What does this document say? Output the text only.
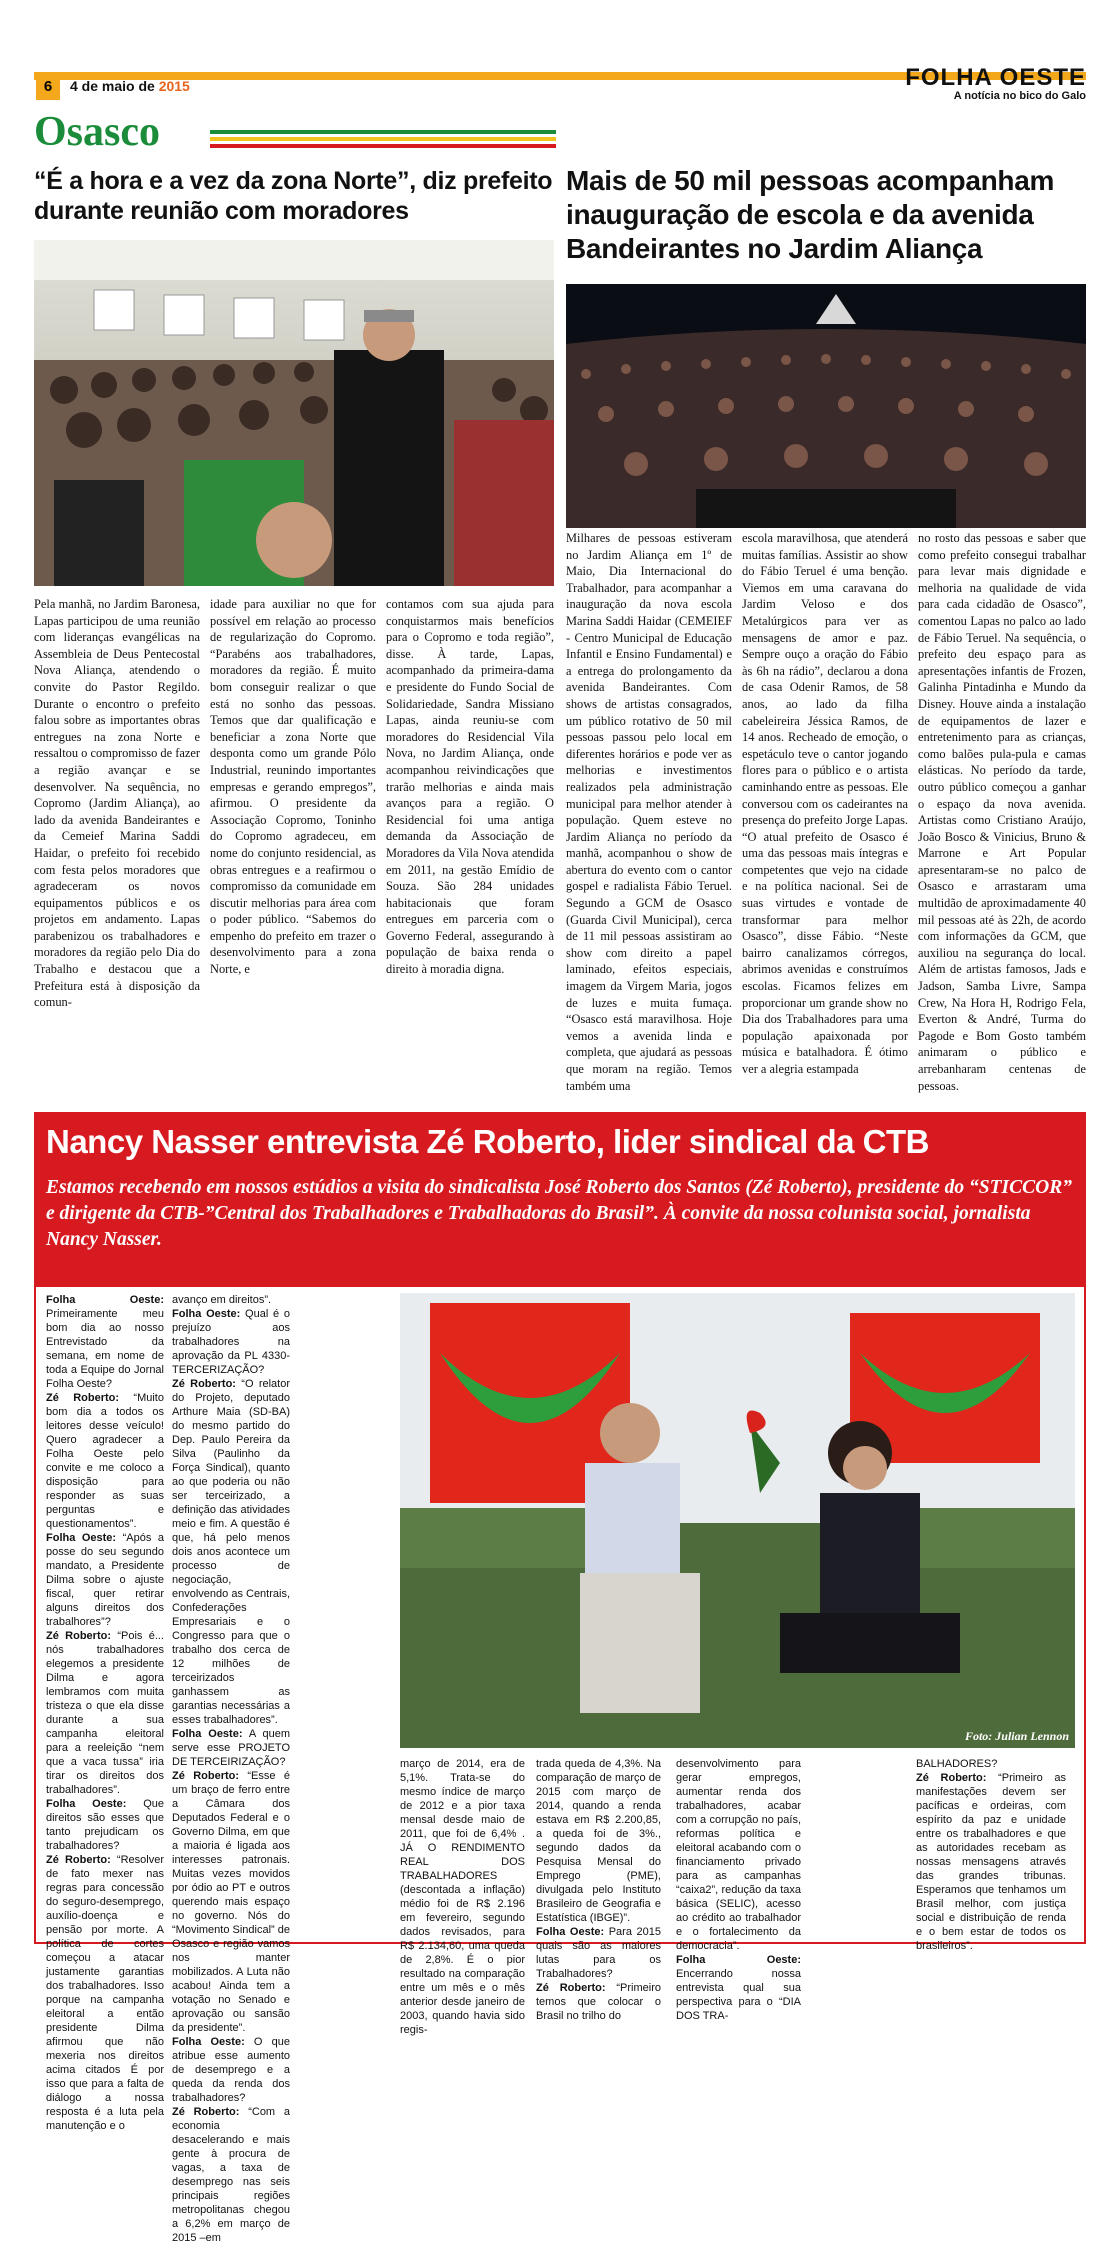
6	4 de maio de 2015	FOLHA OESTE
A notícia no bico do Galo
Osasco
“É a hora e a vez da zona Norte”, diz prefeito durante reunião com moradores
Pela manhã, no Jardim Baronesa, Lapas participou de uma reunião com lideranças evangélicas na Assembleia de Deus Pentecostal Nova Aliança, atendendo o convite do Pastor Regildo. Durante o encontro o prefeito falou sobre as importantes obras entregues na zona Norte e ressaltou o compromisso de fazer a região avançar e se desenvolver. Na sequência, no Copromo (Jardim Aliança), ao lado da avenida Bandeirantes e da Cemeief Marina Saddi Haidar, o prefeito foi recebido com festa pelos moradores que agradeceram os novos equipamentos públicos e os projetos em andamento. Lapas parabenizou os trabalhadores e moradores da região pelo Dia do Trabalho e destacou que a Prefeitura está à disposição da comun-
idade para auxiliar no que for possível em relação ao processo de regularização do Copromo. “Parabéns aos trabalhadores, moradores da região. É muito bom conseguir realizar o que está no sonho das pessoas. Temos que dar qualificação e beneficiar a zona Norte que desponta como um grande Pólo Industrial, reunindo importantes empresas e gerando empregos”, afirmou. O presidente da Associação Copromo, Toninho do Copromo agradeceu, em nome do conjunto residencial, as obras entregues e a reafirmou o compromisso da comunidade em discutir melhorias para área com o poder público. “Sabemos do empenho do prefeito em trazer o desenvolvimento para a zona Norte, e
contamos com sua ajuda para conquistarmos mais benefícios para o Copromo e toda região”, disse. À tarde, Lapas, acompanhado da primeira-dama e presidente do Fundo Social de Solidariedade, Sandra Missiano Lapas, ainda reuniu-se com moradores do Residencial Vila Nova, no Jardim Aliança, onde acompanhou reivindicações que trarão melhorias e ainda mais avanços para a região. O Residencial foi uma antiga demanda da Associação de Moradores da Vila Nova atendida em 2011, na gestão Emídio de Souza. São 284 unidades habitacionais que foram entregues em parceria com o Governo Federal, assegurando à população de baixa renda o direito à moradia digna.
Mais de 50 mil pessoas acompanham inauguração de escola e da avenida Bandeirantes no Jardim Aliança
Milhares de pessoas estiveram no Jardim Aliança em 1º de Maio, Dia Internacional do Trabalhador, para acompanhar a inauguração da nova escola Marina Saddi Haidar (CEMEIEF - Centro Municipal de Educação Infantil e Ensino Fundamental) e a entrega do prolongamento da avenida Bandeirantes. Com shows de artistas consagrados, um público rotativo de 50 mil pessoas passou pelo local em diferentes horários e pode ver as melhorias e investimentos realizados pela administração municipal para melhor atender à população. Quem esteve no Jardim Aliança no período da manhã, acompanhou o show de abertura do evento com o cantor gospel e radialista Fábio Teruel. Segundo a GCM de Osasco (Guarda Civil Municipal), cerca de 11 mil pessoas assistiram ao show com direito a papel laminado, efeitos especiais, imagem da Virgem Maria, jogos de luzes e muita fumaça. “Osasco está maravilhosa. Hoje vemos a avenida linda e completa, que ajudará as pessoas que moram na região. Temos também uma
escola maravilhosa, que atenderá muitas famílias. Assistir ao show do Fábio Teruel é uma benção. Viemos em uma caravana do Jardim Veloso e dos Metalúrgicos para ver as mensagens de amor e paz. Sempre ouço a oração do Fábio às 6h na rádio”, declarou a dona de casa Odenir Ramos, de 58 anos, ao lado da filha cabeleireira Jéssica Ramos, de 14 anos. Recheado de emoção, o espetáculo teve o cantor jogando flores para o público e o artista caminhando entre as pessoas. Ele conversou com os cadeirantes na presença do prefeito Jorge Lapas. “O atual prefeito de Osasco é uma das pessoas mais íntegras e competentes que vejo na cidade e na política nacional. Sei de suas virtudes e vontade de transformar para melhor Osasco”, disse Fábio. “Neste bairro canalizamos córregos, abrimos avenidas e construímos escolas. Ficamos felizes em proporcionar um grande show no Dia dos Trabalhadores para uma população apaixonada por música e batalhadora. É ótimo ver a alegria estampada
no rosto das pessoas e saber que como prefeito consegui trabalhar para levar mais dignidade e melhoria na qualidade de vida para cada cidadão de Osasco”, comentou Lapas no palco ao lado de Fábio Teruel. Na sequência, o prefeito deu espaço para as apresentações infantis de Frozen, Galinha Pintadinha e Mundo da Disney. Houve ainda a instalação de equipamentos de lazer e entretenimento para as crianças, como balões pula-pula e camas elásticas. No período da tarde, outro público começou a ganhar o espaço da nova avenida. Artistas como Cristiano Araújo, João Bosco & Vinicius, Bruno & Marrone e Art Popular apresentaram-se no palco de Osasco e arrastaram uma multidão de aproximadamente 40 mil pessoas até às 22h, de acordo com informações da GCM, que auxiliou na segurança do local. Além de artistas famosos, Jads e Jadson, Samba Livre, Sampa Crew, Na Hora H, Rodrigo Fela, Everton & André, Turma do Pagode e Bom Gosto também animaram o público e arrebanharam centenas de pessoas.
Nancy Nasser entrevista Zé Roberto, lider sindical da CTB
Estamos recebendo em nossos estúdios a visita do sindicalista José Roberto dos Santos (Zé Roberto), presidente do “STICCOR” e dirigente da CTB-”Central dos Trabalhadores e Trabalhadoras do Brasil”. À convite da nossa colunista social, jornalista Nancy Nasser.
Folha Oeste: Primeiramente meu bom dia ao nosso Entrevistado da semana, em nome de toda a Equipe do Jornal Folha Oeste?
Zé Roberto: “Muito bom dia a todos os leitores desse veículo! Quero agradecer a Folha Oeste pelo convite e me coloco a disposição para responder as suas perguntas e questionamentos”.
Folha Oeste: “Após a posse do seu segundo mandato, a Presidente Dilma sobre o ajuste fiscal, quer retirar alguns direitos dos trabalhores”?
Zé Roberto: “Pois é... nós trabalhadores elegemos a presidente Dilma e agora lembramos com muita tristeza o que ela disse durante a sua campanha eleitoral para a reeleição “nem que a vaca tussa” iria tirar os direitos dos trabalhadores”.
Folha Oeste: Que direitos são esses que tanto prejudicam os trabalhadores?
Zé Roberto: “Resolver de fato mexer nas regras para concessão do seguro-desemprego, auxílio-doença e pensão por morte. A política de cortes começou a atacar justamente garantias dos trabalhadores. Isso porque na campanha eleitoral a então presidente Dilma afirmou que não mexeria nos direitos acima citados É por isso que para a falta de diálogo a nossa resposta é a luta pela manutenção e o
avanço em direitos”.
Folha Oeste: Qual é o prejuízo aos trabalhadores na aprovação da PL 4330-TERCERIZAÇÃO?
Zé Roberto: “O relator do Projeto, deputado Arthure Maia (SD-BA) do mesmo partido do Dep. Paulo Pereira da Silva (Paulinho da Força Sindical), quanto ao que poderia ou não ser terceirizado, a definição das atividades meio e fim. A questão é que, há pelo menos dois anos acontece um processo de negociação, envolvendo as Centrais, Confederações Empresariais e o Congresso para que o trabalho dos cerca de 12 milhões de terceirizados ganhassem as garantias necessárias a esses trabalhadores”.
Folha Oeste: A quem serve esse PROJETO DE TERCEIRIZAÇÃO?
Zé Roberto: “Esse é um braço de ferro entre a Câmara dos Deputados Federal e o Governo Dilma, em que a maioria é ligada aos interesses patronais. Muitas vezes movidos por ódio ao PT e outros querendo mais espaço no governo. Nós do “Movimento Sindical” de Osasco e região vamos nos manter mobilizados. A Luta não acabou! Ainda tem a votação no Senado e aprovação ou sansão da presidente”.
Folha Oeste: O que atribue esse aumento de desemprego e a queda da renda dos trabalhadores?
Zé Roberto: “Com a economia desacelerando e mais gente à procura de vagas, a taxa de desemprego nas seis principais regiões metropolitanas chegou a 6,2% em março de 2015 –em
Foto: Julian Lennon
março de 2014, era de 5,1%. Trata-se do mesmo índice de março de 2012 e a pior taxa mensal desde maio de 2011, que foi de 6,4% . JÁ O RENDIMENTO REAL DOS TRABALHADORES (descontada a inflação) médio foi de R$ 2.196 em fevereiro, segundo dados revisados, para R$ 2.134,60, uma queda de 2,8%. É o pior resultado na comparação entre um mês e o mês anterior desde janeiro de 2003, quando havia sido regis-
trada queda de 4,3%. Na comparação de março de 2015 com março de 2014, quando a renda estava em R$ 2.200,85, a queda foi de 3%., segundo dados da Pesquisa Mensal do Emprego (PME), divulgada pelo Instituto Brasileiro de Geografia e Estatística (IBGE)”.
Folha Oeste: Para 2015 quais são as maiores lutas para os Trabalhadores?
Zé Roberto: “Primeiro temos que colocar o Brasil no trilho do
desenvolvimento para gerar empregos, aumentar renda dos trabalhadores, acabar com a corrupção no país, reformas política e eleitoral acabando com o financiamento privado para as campanhas “caixa2”, redução da taxa básica (SELIC), acesso ao crédito ao trabalhador e o fortalecimento da democracia”.
Folha Oeste: Encerrando nossa entrevista qual sua perspectiva para o “DIA DOS TRA-
BALHADORES?
Zé Roberto: “Primeiro as manifestações devem ser pacíficas e ordeiras, com espírito da paz e unidade entre os trabalhadores e que as autoridades recebam as nossas mensagens através das grandes tribunas. Esperamos que tenhamos um Brasil melhor, com justiça social e distribuição de renda e o bem estar de todos os brasileiros”.
